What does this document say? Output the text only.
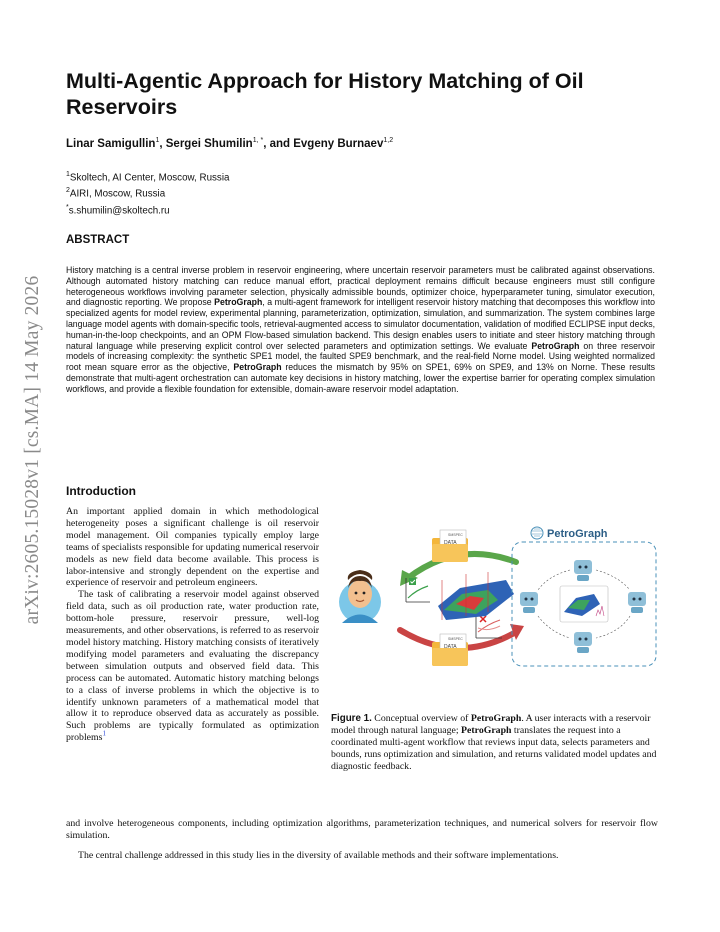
arXiv:2605.15028v1 [cs.MA] 14 May 2026
Multi-Agentic Approach for History Matching of Oil Reservoirs
Linar Samigullin$^1$, Sergei Shumilin$^{1, *}$, and Evgeny Burnaev$^{1,2}$
$^1$Skoltech, AI Center, Moscow, Russia
$^2$AIRI, Moscow, Russia
*s.shumilin@skoltech.ru
ABSTRACT

History matching is a central inverse problem in reservoir engineering, where uncertain reservoir parameters must be calibrated against observations. Although automated history matching can reduce manual effort, practical deployment remains difficult because engineers must still configure heterogeneous workflows involving parameter selection, physically admissible bounds, optimizer choice, hyperparameter tuning, simulator execution, and diagnostic reporting. We propose PetroGraph, a multi-agent framework for intelligent reservoir history matching that decomposes this workflow into specialized agents for model review, experimental planning, parameterization, optimization, simulation, and summarization. The system combines large language model agents with domain-specific tools, retrieval-augmented access to simulator documentation, validation of modified ECLIPSE input decks, human-in-the-loop checkpoints, and an OPM Flow-based simulation backend. This design enables users to initiate and steer history matching through natural language while preserving explicit control over selected parameters and optimization settings. We evaluate PetroGraph on three reservoir models of increasing complexity: the synthetic SPE1 model, the faulted SPE9 benchmark, and the real-field Norne model. Using weighted normalized root mean square error as the objective, PetroGraph reduces the mismatch by 95% on SPE1, 69% on SPE9, and 13% on Norne. These results demonstrate that multi-agent orchestration can automate key decisions in history matching, lower the expertise barrier for operating complex simulation workflows, and provide a flexible foundation for extensible, domain-aware reservoir model adaptation.

Introduction

An important applied domain in which methodological heterogeneity poses a significant challenge is oil reservoir model management. Oil companies typically employ large teams of specialists responsible for updating numerical reservoir models as new field data become available. This process is labor-intensive and strongly dependent on the expertise and experience of reservoir and petroleum engineers.

The task of calibrating a reservoir model against observed field data, such as oil production rate, water production rate, bottom-hole pressure, reservoir pressure, well-log measurements, and other observations, is referred to as reservoir model history matching. History matching consists of iteratively modifying model parameters and evaluating the discrepancy between simulation outputs and observed field data. This process can be automated. Automatic history matching belongs to a class of inverse problems in which the objective is to identify unknown parameters of a mathematical model that allow it to reproduce observed data as accurately as possible. Such problems are typically formulated as optimization problems$^1$

SMSPEC
DATA
SMSPEC
DATA
PetroGraph

Figure 1. Conceptual overview of PetroGraph. A user interacts with a reservoir model through natural language; PetroGraph translates the request into a coordinated multi-agent workflow that reviews input data, selects parameters and bounds, runs optimization and simulation, and returns validated model updates and diagnostic feedback.

and involve heterogeneous components, including optimization algorithms, parameterization techniques, and numerical solvers for reservoir flow simulation.

The central challenge addressed in this study lies in the diversity of available methods and their software implementations.
